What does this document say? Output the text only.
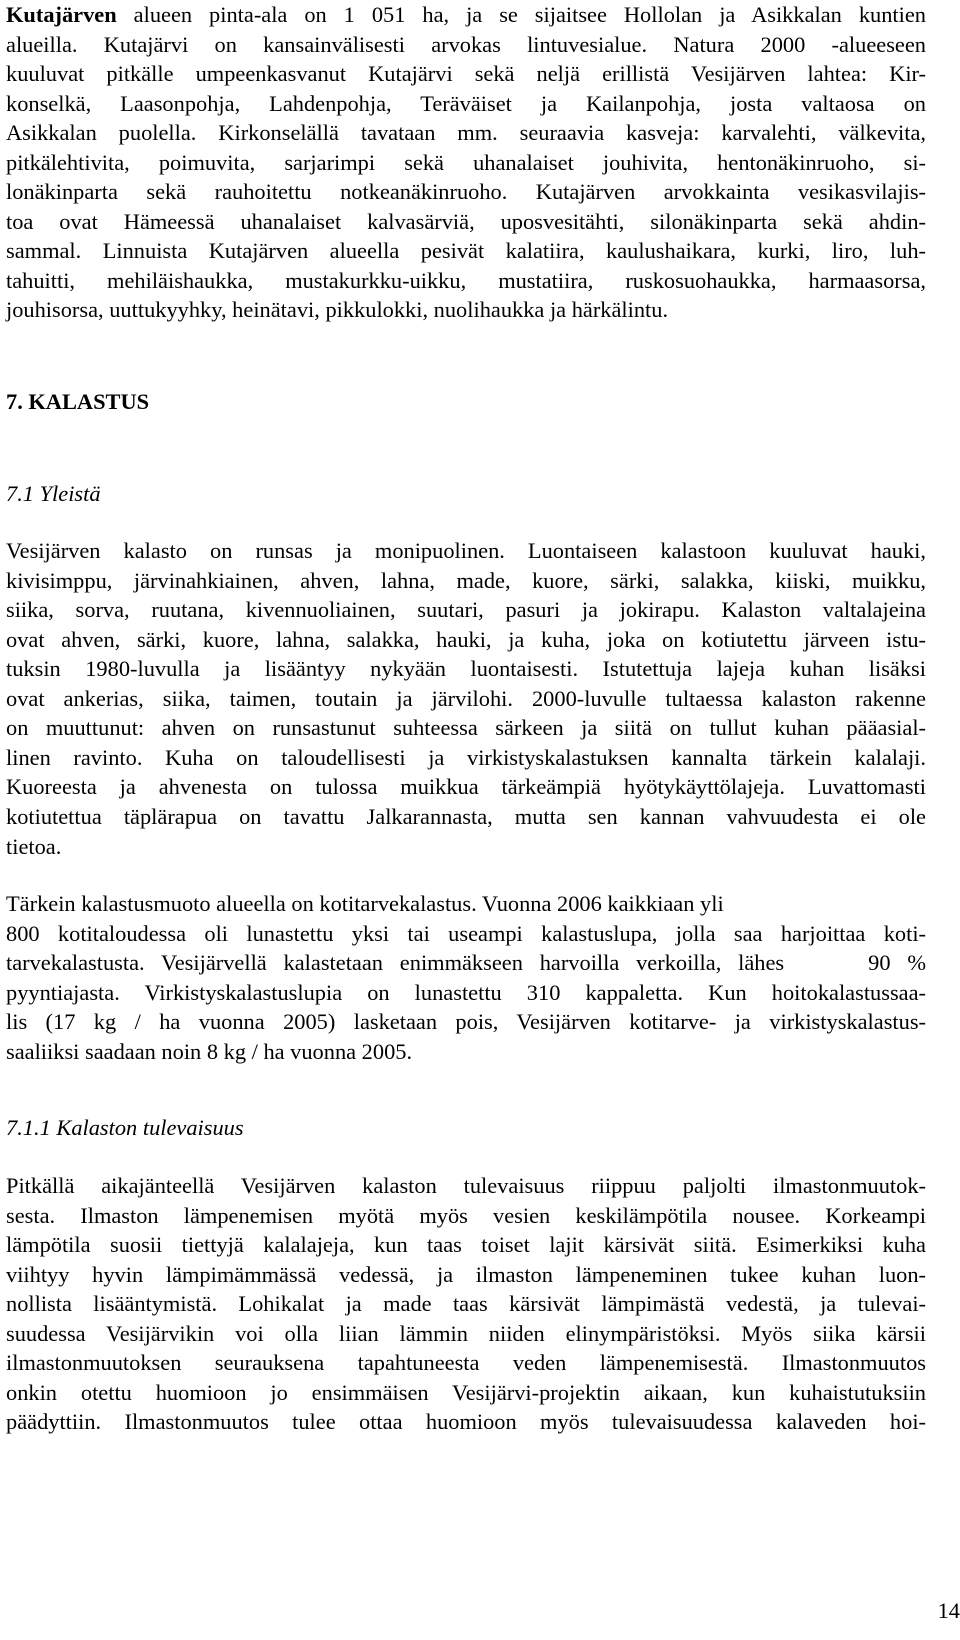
Kutajärven alueen pinta-ala on 1 051 ha, ja se sijaitsee Hollolan ja Asikkalan kuntien
alueilla. Kutajärvi on kansainvälisesti arvokas lintuvesialue. Natura 2000 -alueeseen
kuuluvat pitkälle umpeenkasvanut Kutajärvi sekä neljä erillistä Vesijärven lahtea: Kir-
konselkä, Laasonpohja, Lahdenpohja, Teräväiset ja Kailanpohja, josta valtaosa on
Asikkalan puolella. Kirkonselällä tavataan mm. seuraavia kasveja: karvalehti, välkevita,
pitkälehtivita, poimuvita, sarjarimpi sekä uhanalaiset jouhivita, hentonäkinruoho, si-
lonäkinparta sekä rauhoitettu notkeanäkinruoho. Kutajärven arvokkainta vesikasvilajis-
toa ovat Hämeessä uhanalaiset kalvasärviä, uposvesitähti, silonäkinparta sekä ahdin-
sammal. Linnuista Kutajärven alueella pesivät kalatiira, kaulushaikara, kurki, liro, luh-
tahuitti, mehiläishaukka, mustakurkku-uikku, mustatiira, ruskosuohaukka, harmaasorsa,
jouhisorsa, uuttukyyhky, heinätavi, pikkulokki, nuolihaukka ja härkälintu.
7. KALASTUS
7.1 Yleistä
Vesijärven kalasto on runsas ja monipuolinen. Luontaiseen kalastoon kuuluvat hauki,
kivisimppu, järvinahkiainen, ahven, lahna, made, kuore, särki, salakka, kiiski, muikku,
siika, sorva, ruutana, kivennuoliainen, suutari, pasuri ja jokirapu. Kalaston valtalajeina
ovat ahven, särki, kuore, lahna, salakka, hauki, ja kuha, joka on kotiutettu järveen istu-
tuksin 1980-luvulla ja lisääntyy nykyään luontaisesti. Istutettuja lajeja kuhan lisäksi
ovat ankerias, siika, taimen, toutain ja järvilohi. 2000-luvulle tultaessa kalaston rakenne
on muuttunut: ahven on runsastunut suhteessa särkeen ja siitä on tullut kuhan pääasial-
linen ravinto. Kuha on taloudellisesti ja virkistyskalastuksen kannalta tärkein kalalaji.
Kuoreesta ja ahvenesta on tulossa muikkua tärkeämpiä hyötykäyttölajeja. Luvattomasti
kotiutettua täplärapua on tavattu Jalkarannasta, mutta sen kannan vahvuudesta ei ole
tietoa.
Tärkein kalastusmuoto alueella on kotitarvekalastus. Vuonna 2006 kaikkiaan yli
800 kotitaloudessa oli lunastettu yksi tai useampi kalastuslupa, jolla saa harjoittaa koti-
tarvekalastusta. Vesijärvellä kalastetaan enimmäkseen harvoilla verkoilla, lähes     90 %
pyyntiajasta. Virkistyskalastuslupia on lunastettu 310 kappaletta. Kun hoitokalastussaa-
lis (17 kg / ha vuonna 2005) lasketaan pois, Vesijärven kotitarve- ja virkistyskalastus-
saaliiksi saadaan noin 8 kg / ha vuonna 2005.
7.1.1 Kalaston tulevaisuus
Pitkällä aikajänteellä Vesijärven kalaston tulevaisuus riippuu paljolti ilmastonmuutok-
sesta. Ilmaston lämpenemisen myötä myös vesien keskilämpötila nousee. Korkeampi
lämpötila suosii tiettyjä kalalajeja, kun taas toiset lajit kärsivät siitä. Esimerkiksi kuha
viihtyy hyvin lämpimämmässä vedessä, ja ilmaston lämpeneminen tukee kuhan luon-
nollista lisääntymistä. Lohikalat ja made taas kärsivät lämpimästä vedestä, ja tulevai-
suudessa Vesijärvikin voi olla liian lämmin niiden elinympäristöksi. Myös siika kärsii
ilmastonmuutoksen seurauksena tapahtuneesta veden lämpenemisestä. Ilmastonmuutos
onkin otettu huomioon jo ensimmäisen Vesijärvi-projektin aikaan, kun kuhaistutuksiin
päädyttiin. Ilmastonmuutos tulee ottaa huomioon myös tulevaisuudessa kalaveden hoi-
14
